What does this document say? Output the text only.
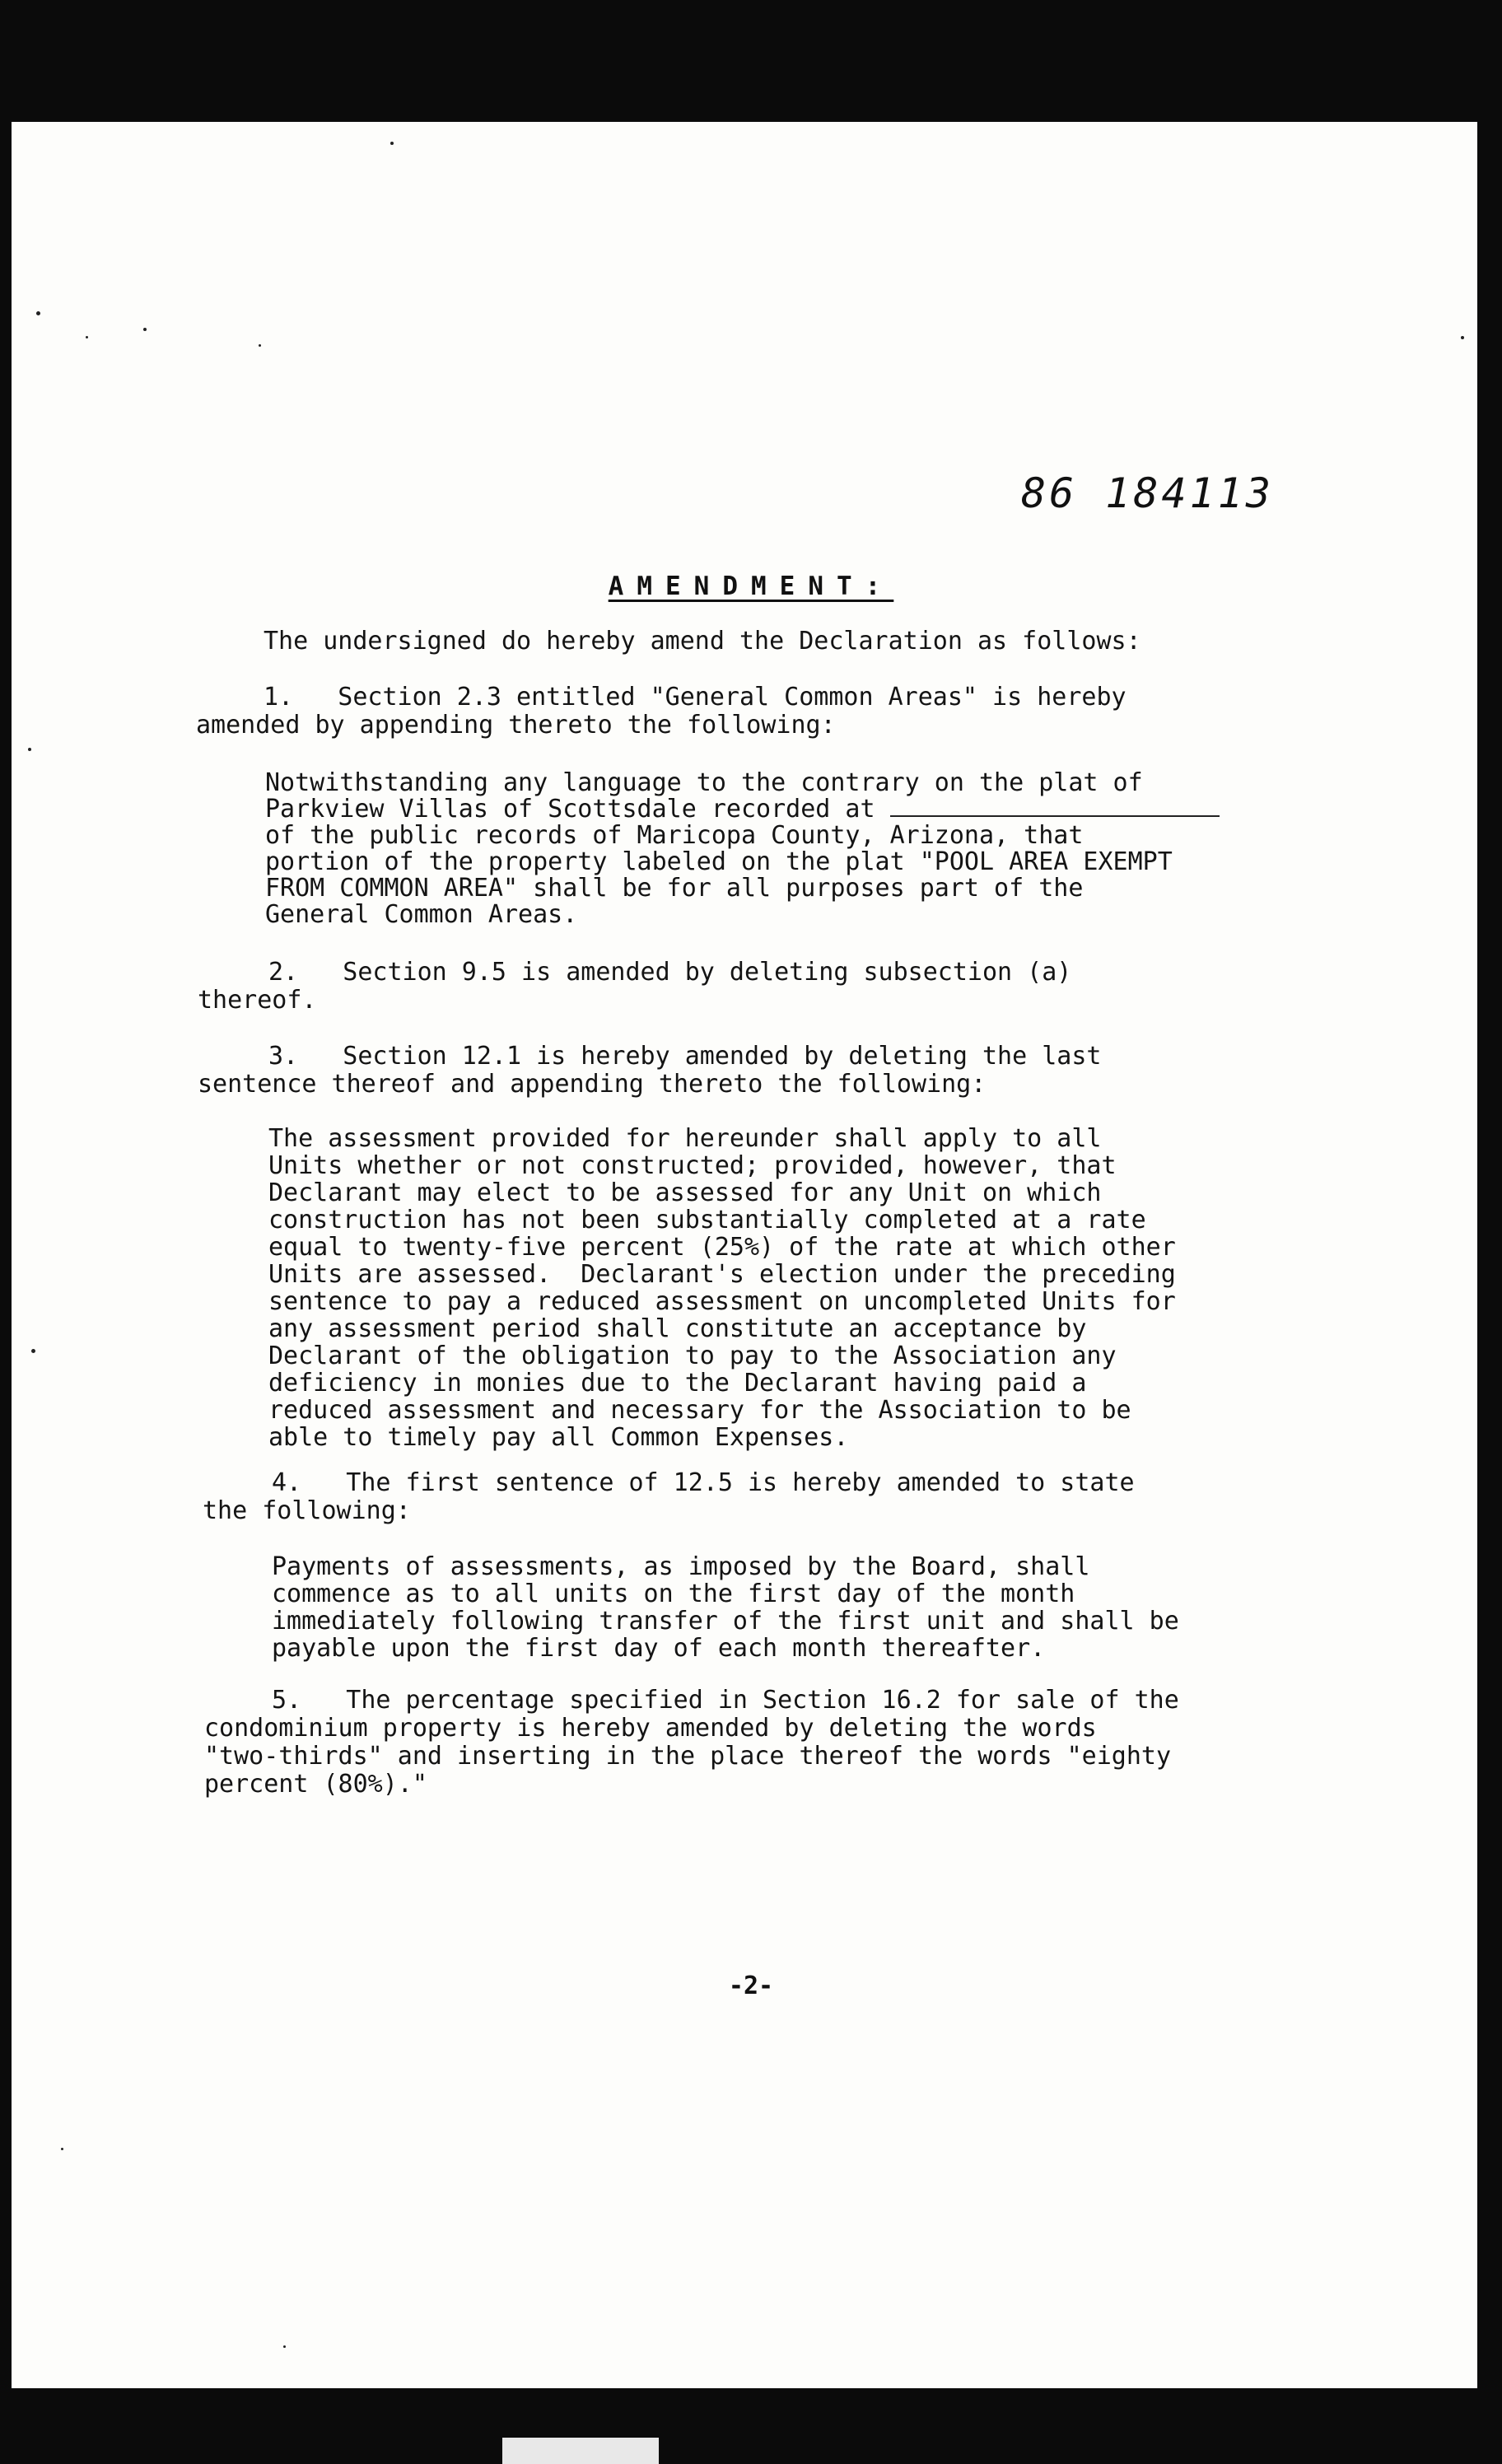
86 184113
AMENDMENT:
The undersigned do hereby amend the Declaration as follows:
1.   Section 2.3 entitled "General Common Areas" is hereby
amended by appending thereto the following:
Notwithstanding any language to the contrary on the plat of
Parkview Villas of Scottsdale recorded at
of the public records of Maricopa County, Arizona, that
portion of the property labeled on the plat "POOL AREA EXEMPT
FROM COMMON AREA" shall be for all purposes part of the
General Common Areas.
2.   Section 9.5 is amended by deleting subsection (a)
thereof.
3.   Section 12.1 is hereby amended by deleting the last
sentence thereof and appending thereto the following:
The assessment provided for hereunder shall apply to all
Units whether or not constructed; provided, however, that
Declarant may elect to be assessed for any Unit on which
construction has not been substantially completed at a rate
equal to twenty-five percent (25%) of the rate at which other
Units are assessed.  Declarant's election under the preceding
sentence to pay a reduced assessment on uncompleted Units for
any assessment period shall constitute an acceptance by
Declarant of the obligation to pay to the Association any
deficiency in monies due to the Declarant having paid a
reduced assessment and necessary for the Association to be
able to timely pay all Common Expenses.
4.   The first sentence of 12.5 is hereby amended to state
the following:
Payments of assessments, as imposed by the Board, shall
commence as to all units on the first day of the month
immediately following transfer of the first unit and shall be
payable upon the first day of each month thereafter.
5.   The percentage specified in Section 16.2 for sale of the
condominium property is hereby amended by deleting the words
"two-thirds" and inserting in the place thereof the words "eighty
percent (80%)."
-2-
